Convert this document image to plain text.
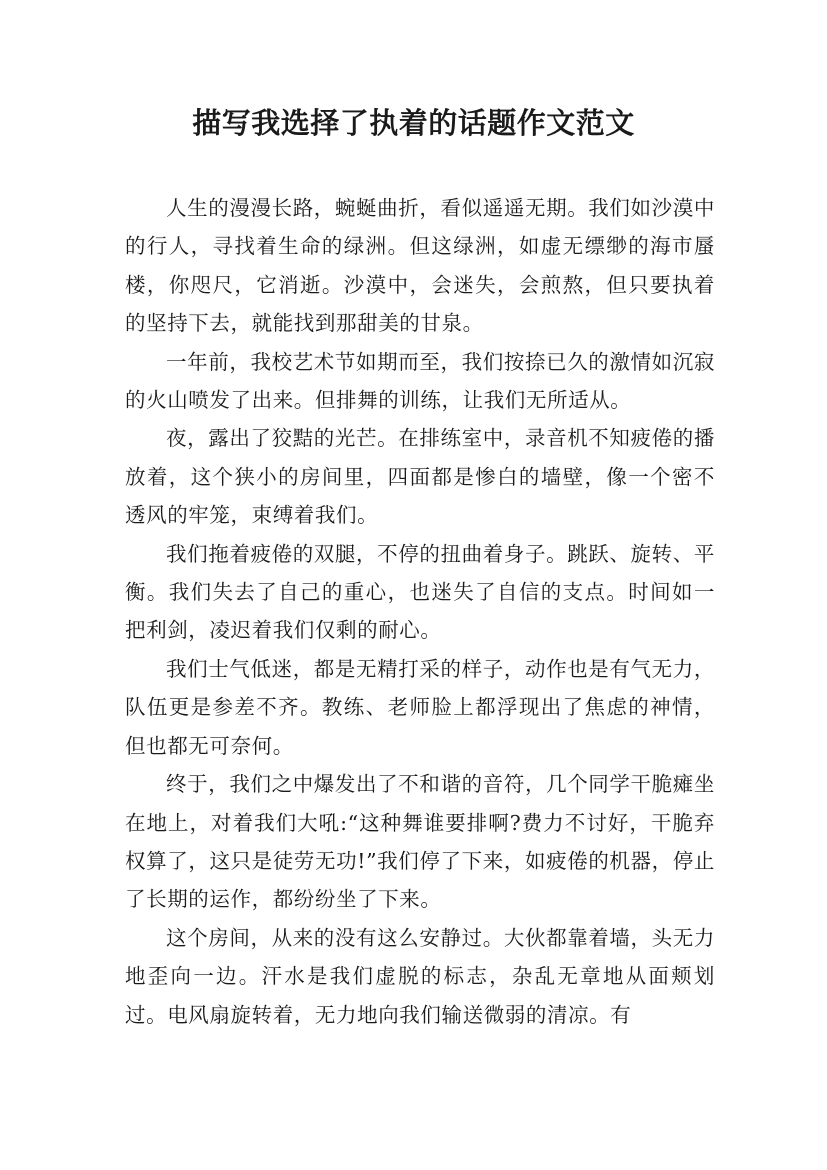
描写我选择了执着的话题作文范文

人生的漫漫长路，蜿蜒曲折，看似遥遥无期。我们如沙漠中的行人，寻找着生命的绿洲。但这绿洲，如虚无缥缈的海市蜃楼，你咫尺，它消逝。沙漠中，会迷失，会煎熬，但只要执着的坚持下去，就能找到那甜美的甘泉。

一年前，我校艺术节如期而至，我们按捺已久的激情如沉寂的火山喷发了出来。但排舞的训练，让我们无所适从。

夜，露出了狡黠的光芒。在排练室中，录音机不知疲倦的播放着，这个狭小的房间里，四面都是惨白的墙壁，像一个密不透风的牢笼，束缚着我们。

我们拖着疲倦的双腿，不停的扭曲着身子。跳跃、旋转、平衡。我们失去了自己的重心，也迷失了自信的支点。时间如一把利剑，凌迟着我们仅剩的耐心。

我们士气低迷，都是无精打采的样子，动作也是有气无力，队伍更是参差不齐。教练、老师脸上都浮现出了焦虑的神情，但也都无可奈何。

终于，我们之中爆发出了不和谐的音符，几个同学干脆瘫坐在地上，对着我们大吼:“这种舞谁要排啊?费力不讨好，干脆弃权算了，这只是徒劳无功!”我们停了下来，如疲倦的机器，停止了长期的运作，都纷纷坐了下来。

这个房间，从来的没有这么安静过。大伙都靠着墙，头无力地歪向一边。汗水是我们虚脱的标志，杂乱无章地从面颊划过。电风扇旋转着，无力地向我们输送微弱的清凉。有
